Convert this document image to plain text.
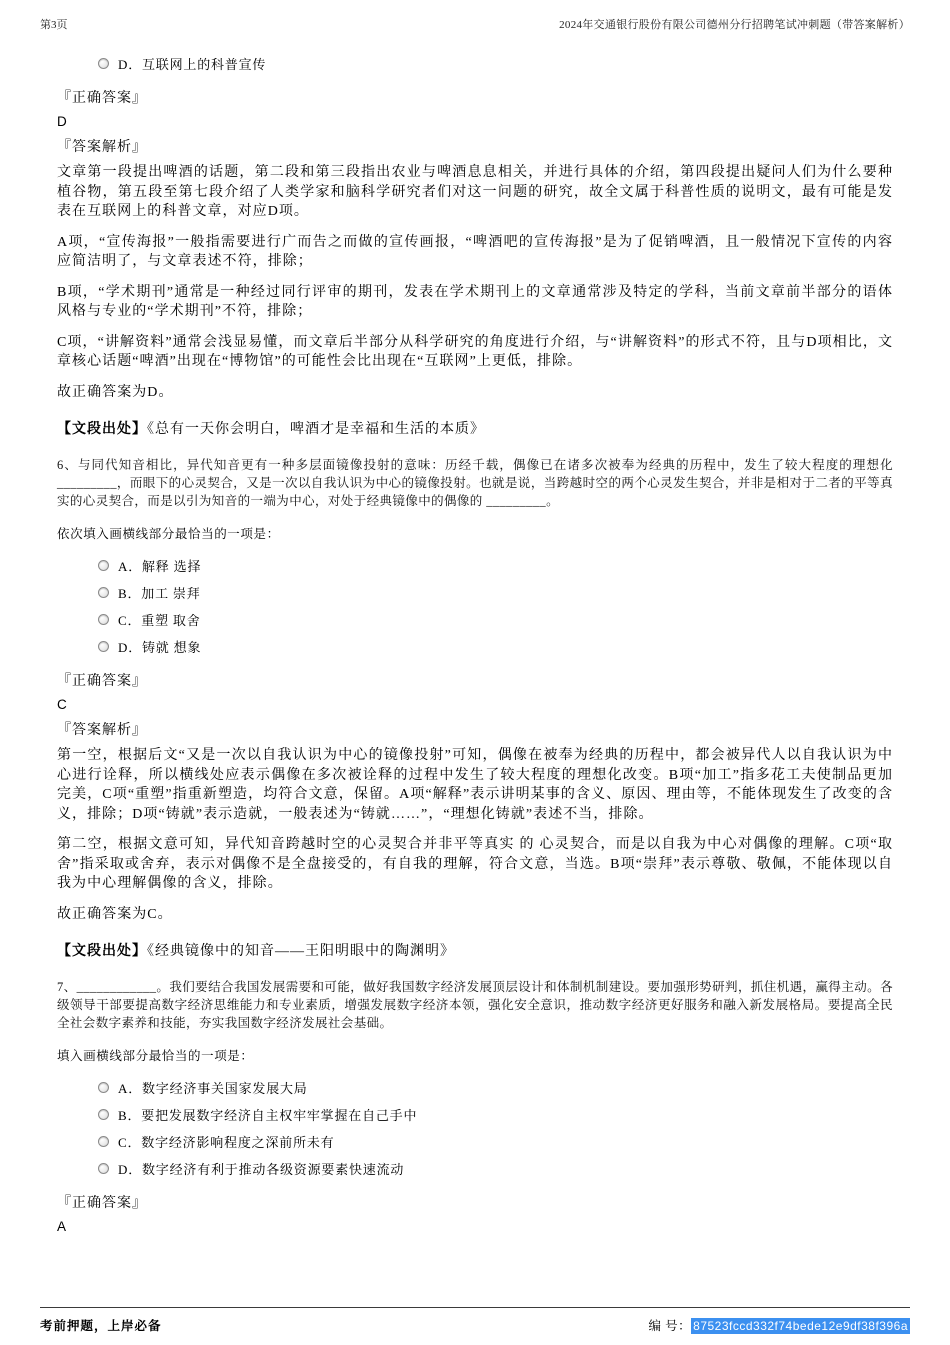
第3页	2024年交通银行股份有限公司德州分行招聘笔试冲刺题（带答案解析）
D．互联网上的科普宣传
『正确答案』
D
『答案解析』

文章第一段提出啤酒的话题，第二段和第三段指出农业与啤酒息息相关，并进行具体的介绍，第四段提出疑问人们为什么要种植谷物，第五段至第七段介绍了人类学家和脑科学研究者们对这一问题的研究，故全文属于科普性质的说明文，最有可能是发表在互联网上的科普文章，对应D项。

A项，“宣传海报”一般指需要进行广而告之而做的宣传画报，“啤酒吧的宣传海报”是为了促销啤酒，且一般情况下宣传的内容应简洁明了，与文章表述不符，排除；

B项，“学术期刊”通常是一种经过同行评审的期刊，发表在学术期刊上的文章通常涉及特定的学科，当前文章前半部分的语体风格与专业的“学术期刊”不符，排除；

C项，“讲解资料”通常会浅显易懂，而文章后半部分从科学研究的角度进行介绍，与“讲解资料”的形式不符，且与D项相比，文章核心话题“啤酒”出现在“博物馆”的可能性会比出现在“互联网”上更低，排除。

故正确答案为D。

【文段出处】《总有一天你会明白，啤酒才是幸福和生活的本质》

6、与同代知音相比，异代知音更有一种多层面镜像投射的意味：历经千载，偶像已在诸多次被奉为经典的历程中，发生了较大程度的理想化_________，而眼下的心灵契合，又是一次以自我认识为中心的镜像投射。也就是说，当跨越时空的两个心灵发生契合，并非是相对于二者的平等真实的心灵契合，而是以引为知音的一端为中心，对处于经典镜像中的偶像的 _________。

依次填入画横线部分最恰当的一项是：

A．解释 选择
B．加工 崇拜
C．重塑 取舍
D．铸就 想象
『正确答案』
C
『答案解析』

第一空，根据后文“又是一次以自我认识为中心的镜像投射”可知，偶像在被奉为经典的历程中，都会被异代人以自我认识为中心进行诠释，所以横线处应表示偶像在多次被诠释的过程中发生了较大程度的理想化改变。B项“加工”指多花工夫使制品更加完美，C项“重塑”指重新塑造，均符合文意，保留。A项“解释”表示讲明某事的含义、原因、理由等，不能体现发生了改变的含义，排除；D项“铸就”表示造就，一般表述为“铸就……”，“理想化铸就”表述不当，排除。

第二空，根据文意可知，异代知音跨越时空的心灵契合并非平等真实 的 心灵契合，而是以自我为中心对偶像的理解。C项“取舍”指采取或舍弃，表示对偶像不是全盘接受的，有自我的理解，符合文意，当选。B项“崇拜”表示尊敬、敬佩，不能体现以自我为中心理解偶像的含义，排除。

故正确答案为C。

【文段出处】《经典镜像中的知音——王阳明眼中的陶渊明》

7、____________。我们要结合我国发展需要和可能，做好我国数字经济发展顶层设计和体制机制建设。要加强形势研判，抓住机遇，赢得主动。各级领导干部要提高数字经济思维能力和专业素质，增强发展数字经济本领，强化安全意识，推动数字经济更好服务和融入新发展格局。要提高全民全社会数字素养和技能，夯实我国数字经济发展社会基础。

填入画横线部分最恰当的一项是：

A．数字经济事关国家发展大局
B．要把发展数字经济自主权牢牢掌握在自己手中
C．数字经济影响程度之深前所未有
D．数字经济有利于推动各级资源要素快速流动
『正确答案』
A
考前押题，上岸必备	编 号： 87523fccd332f74bede12e9df38f396a
